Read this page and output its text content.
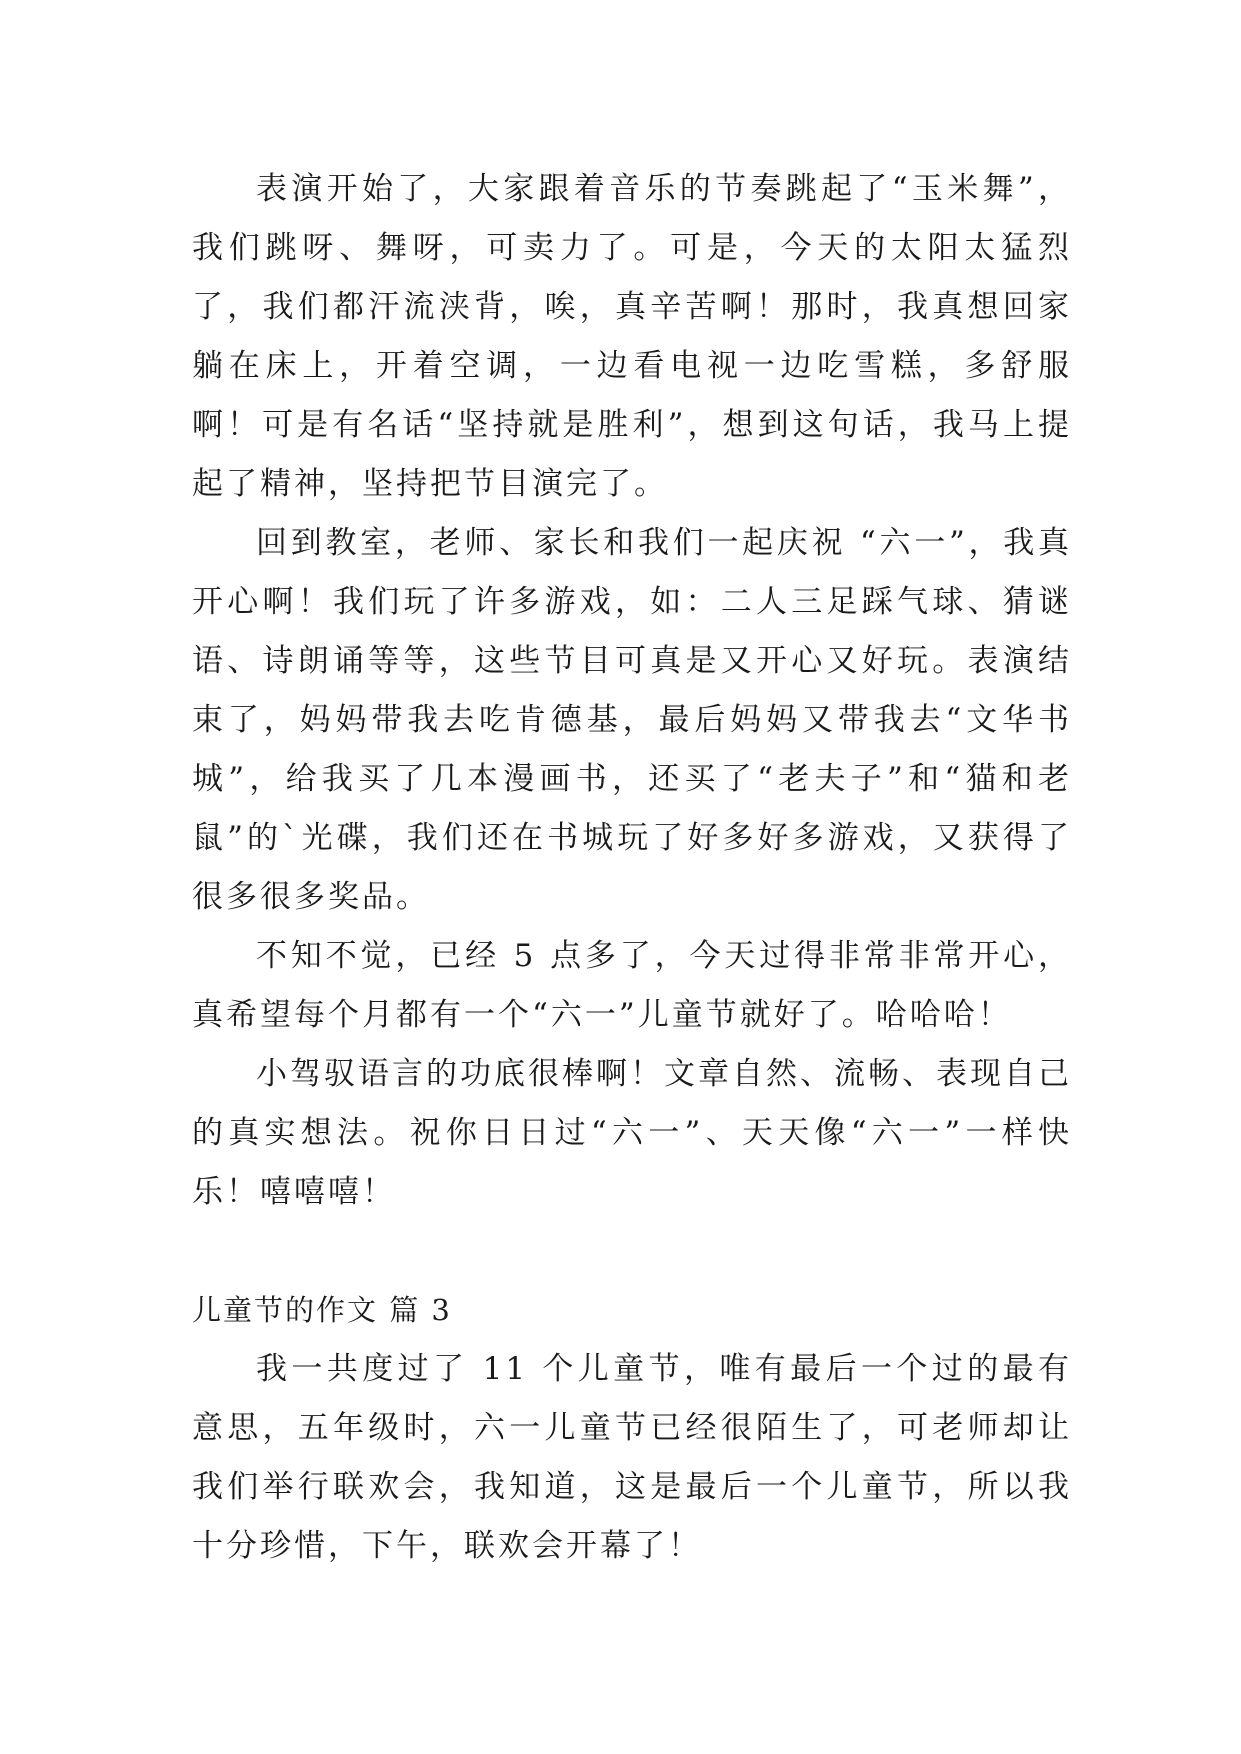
表演开始了，大家跟着音乐的节奏跳起了“玉米舞”，我们跳呀、舞呀，可卖力了。可是，今天的太阳太猛烈了，我们都汗流浃背，唉，真辛苦啊！那时，我真想回家躺在床上，开着空调，一边看电视一边吃雪糕，多舒服啊！可是有名话“坚持就是胜利”，想到这句话，我马上提起了精神，坚持把节目演完了。

回到教室，老师、家长和我们一起庆祝 “六一”，我真开心啊！我们玩了许多游戏，如：二人三足踩气球、猜谜语、诗朗诵等等，这些节目可真是又开心又好玩。表演结束了，妈妈带我去吃肯德基，最后妈妈又带我去“文华书城”，给我买了几本漫画书，还买了“老夫子”和“猫和老鼠”的`光碟，我们还在书城玩了好多好多游戏，又获得了很多很多奖品。

不知不觉，已经 5 点多了，今天过得非常非常开心，真希望每个月都有一个“六一”儿童节就好了。哈哈哈！

小驾驭语言的功底很棒啊！文章自然、流畅、表现自己的真实想法。祝你日日过“六一”、天天像“六一”一样快乐！嘻嘻嘻！

儿童节的作文 篇 3

我一共度过了 11 个儿童节，唯有最后一个过的最有意思，五年级时，六一儿童节已经很陌生了，可老师却让我们举行联欢会，我知道，这是最后一个儿童节，所以我十分珍惜，下午，联欢会开幕了！
